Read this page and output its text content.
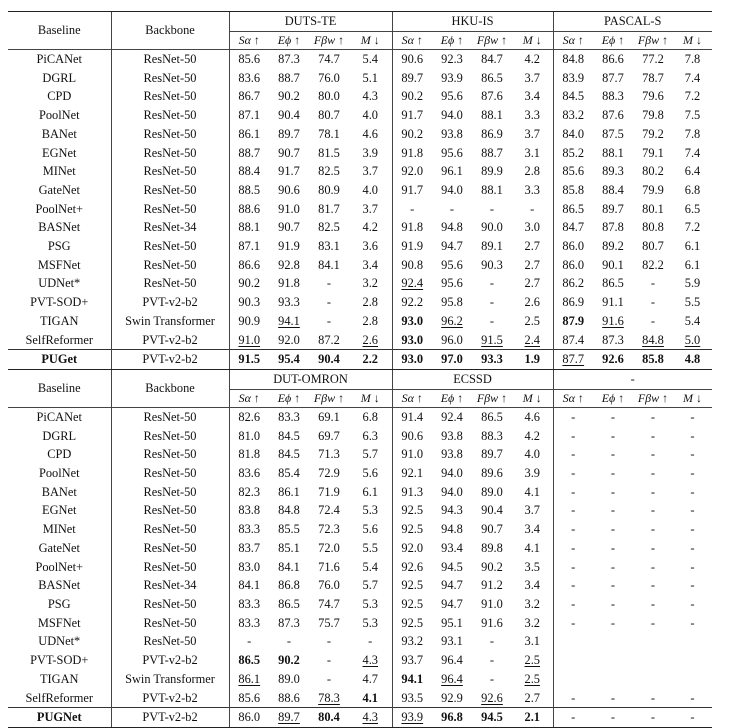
Baseline	Backbone	DUTS-TE				HKU-IS				PASCAL-S			
		Sα ↑	Eϕ ↑	Fβw ↑	M ↓	Sα ↑	Eϕ ↑	Fβw ↑	M ↓	Sα ↑	Eϕ ↑	Fβw ↑	M ↓
PiCANet	ResNet-50	85.6	87.3	74.7	5.4	90.6	92.3	84.7	4.2	84.8	86.6	77.2	7.8
DGRL	ResNet-50	83.6	88.7	76.0	5.1	89.7	93.9	86.5	3.7	83.9	87.7	78.7	7.4
CPD	ResNet-50	86.7	90.2	80.0	4.3	90.2	95.6	87.6	3.4	84.5	88.3	79.6	7.2
PoolNet	ResNet-50	87.1	90.4	80.7	4.0	91.7	94.0	88.1	3.3	83.2	87.6	79.8	7.5
BANet	ResNet-50	86.1	89.7	78.1	4.6	90.2	93.8	86.9	3.7	84.0	87.5	79.2	7.8
EGNet	ResNet-50	88.7	90.7	81.5	3.9	91.8	95.6	88.7	3.1	85.2	88.1	79.1	7.4
MINet	ResNet-50	88.4	91.7	82.5	3.7	92.0	96.1	89.9	2.8	85.6	89.3	80.2	6.4
GateNet	ResNet-50	88.5	90.6	80.9	4.0	91.7	94.0	88.1	3.3	85.8	88.4	79.9	6.8
PoolNet+	ResNet-50	88.6	91.0	81.7	3.7	-	-	-	-	86.5	89.7	80.1	6.5
BASNet	ResNet-34	88.1	90.7	82.5	4.2	91.8	94.8	90.0	3.0	84.7	87.8	80.8	7.2
PSG	ResNet-50	87.1	91.9	83.1	3.6	91.9	94.7	89.1	2.7	86.0	89.2	80.7	6.1
MSFNet	ResNet-50	86.6	92.8	84.1	3.4	90.8	95.6	90.3	2.7	86.0	90.1	82.2	6.1
UDNet*	ResNet-50	90.2	91.8	-	3.2	92.4	95.6	-	2.7	86.2	86.5	-	5.9
PVT-SOD+	PVT-v2-b2	90.3	93.3	-	2.8	92.2	95.8	-	2.6	86.9	91.1	-	5.5
TIGAN	Swin Transformer	90.9	94.1	-	2.8	93.0	96.2	-	2.5	87.9	91.6	-	5.4
SelfReformer	PVT-v2-b2	91.0	92.0	87.2	2.6	93.0	96.0	91.5	2.4	87.4	87.3	84.8	5.0
PUGet	PVT-v2-b2	91.5	95.4	90.4	2.2	93.0	97.0	93.3	1.9	87.7	92.6	85.8	4.8
Baseline	Backbone	DUT-OMRON				ECSSD				-			
		Sα ↑	Eϕ ↑	Fβw ↑	M ↓	Sα ↑	Eϕ ↑	Fβw ↑	M ↓	Sα ↑	Eϕ ↑	Fβw ↑	M ↓
PiCANet	ResNet-50	82.6	83.3	69.1	6.8	91.4	92.4	86.5	4.6	-	-	-	-
DGRL	ResNet-50	81.0	84.5	69.7	6.3	90.6	93.8	88.3	4.2	-	-	-	-
CPD	ResNet-50	81.8	84.5	71.3	5.7	91.0	93.8	89.7	4.0	-	-	-	-
PoolNet	ResNet-50	83.6	85.4	72.9	5.6	92.1	94.0	89.6	3.9	-	-	-	-
BANet	ResNet-50	82.3	86.1	71.9	6.1	91.3	94.0	89.0	4.1	-	-	-	-
EGNet	ResNet-50	83.8	84.8	72.4	5.3	92.5	94.3	90.4	3.7	-	-	-	-
MINet	ResNet-50	83.3	85.5	72.3	5.6	92.5	94.8	90.7	3.4	-	-	-	-
GateNet	ResNet-50	83.7	85.1	72.0	5.5	92.0	93.4	89.8	4.1	-	-	-	-
PoolNet+	ResNet-50	83.0	84.1	71.6	5.4	92.6	94.5	90.2	3.5	-	-	-	-
BASNet	ResNet-34	84.1	86.8	76.0	5.7	92.5	94.7	91.2	3.4	-	-	-	-
PSG	ResNet-50	83.3	86.5	74.7	5.3	92.5	94.7	91.0	3.2	-	-	-	-
MSFNet	ResNet-50	83.3	87.3	75.7	5.3	92.5	95.1	91.6	3.2	-	-	-	-
UDNet*	ResNet-50	-	-	-	-	93.2	93.1	-	3.1				
PVT-SOD+	PVT-v2-b2	86.5	90.2	-	4.3	93.7	96.4	-	2.5				
TIGAN	Swin Transformer	86.1	89.0	-	4.7	94.1	96.4	-	2.5				
SelfReformer	PVT-v2-b2	85.6	88.6	78.3	4.1	93.5	92.9	92.6	2.7	-	-	-	-
PUGNet	PVT-v2-b2	86.0	89.7	80.4	4.3	93.9	96.8	94.5	2.1	-	-	-	-
